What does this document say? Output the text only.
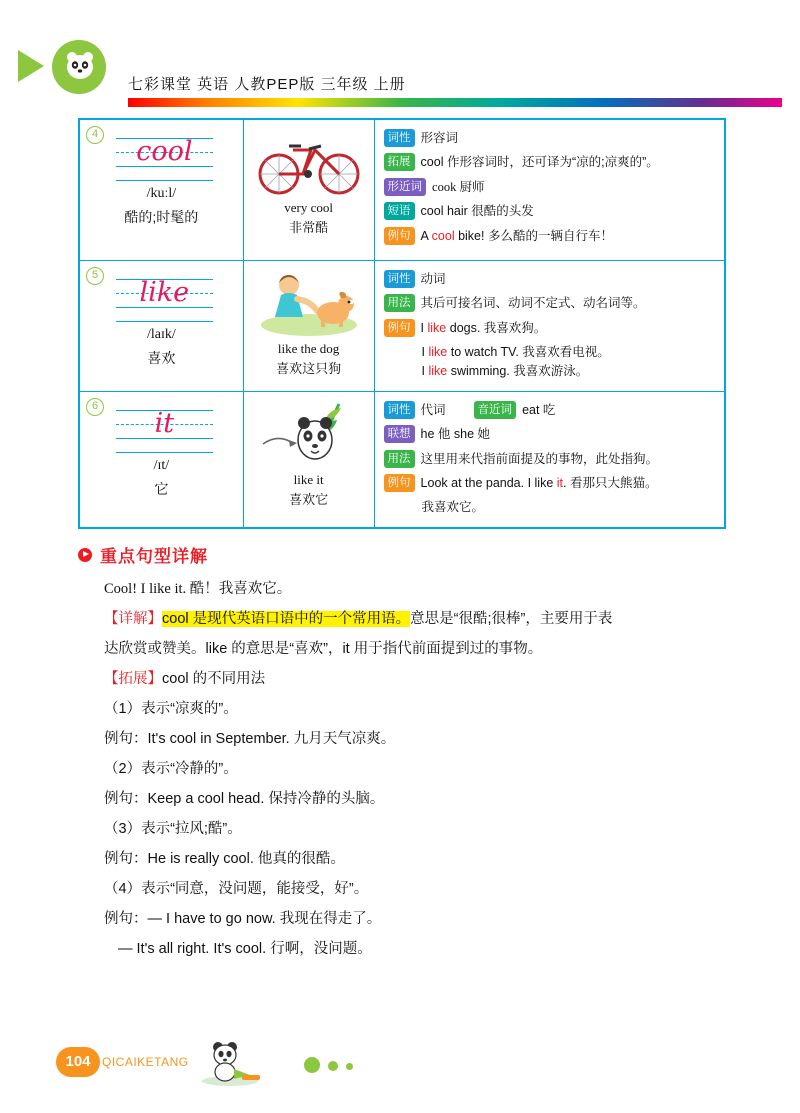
七彩课堂 英语 人教PEP版 三年级 上册
4
cool
/kuːl/
酷的;时髦的

very cool
非常酷

词性 形容词
拓展 cool 作形容词时，还可译为“凉的;凉爽的”。
形近词 cook 厨师
短语 cool hair 很酷的头发
例句 A cool bike! 多么酷的一辆自行车！

5
like
/laɪk/
喜欢

like the dog
喜欢这只狗

词性 动词
用法 其后可接名词、动词不定式、动名词等。
例句 I like dogs. 我喜欢狗。
I like to watch TV. 我喜欢看电视。
I like swimming. 我喜欢游泳。

6
it
/ɪt/
它

like it
喜欢它

词性 代词	音近词 eat 吃
联想 he 他 she 她
用法 这里用来代指前面提及的事物，此处指狗。
例句 Look at the panda. I like it. 看那只大熊猫。
我喜欢它。
重点句型详解

Cool! I like it. 酷！我喜欢它。

【详解】cool 是现代英语口语中的一个常用语。意思是“很酷;很棒”，主要用于表

达欣赏或赞美。like 的意思是“喜欢”，it 用于指代前面提到过的事物。

【拓展】cool 的不同用法

（1）表示“凉爽的”。

例句：It's cool in September. 九月天气凉爽。

（2）表示“冷静的”。

例句：Keep a cool head. 保持冷静的头脑。

（3）表示“拉风;酷”。

例句：He is really cool. 他真的很酷。

（4）表示“同意，没问题，能接受，好”。

例句：— I have to go now. 我现在得走了。

— It's all right. It's cool. 行啊，没问题。

104 QICAIKETANG
